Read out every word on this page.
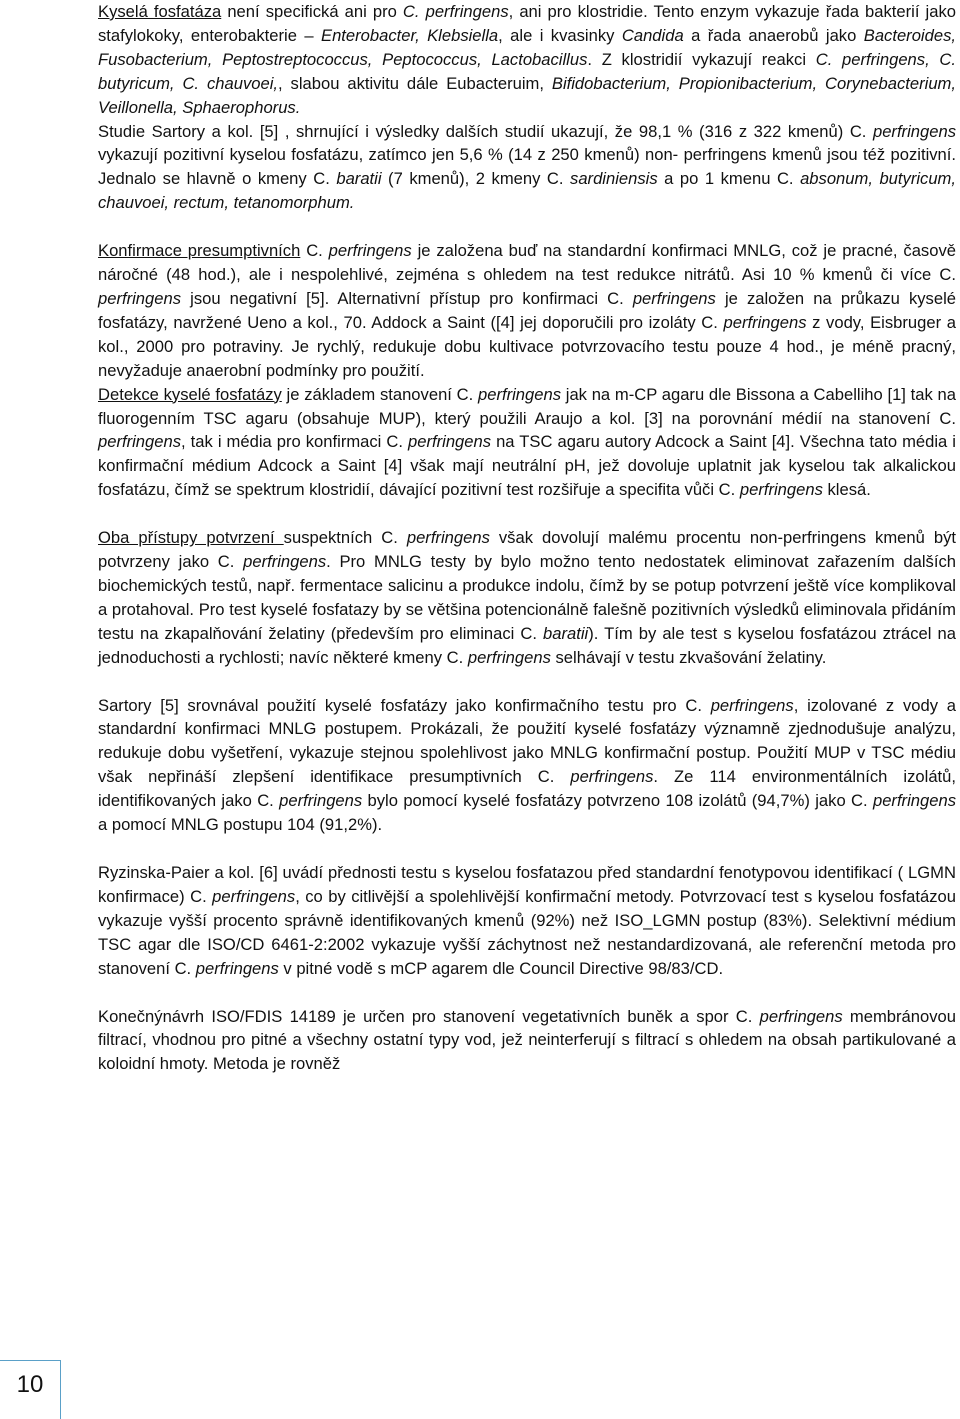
Kyselá fosfatáza není specifická ani pro C. perfringens, ani pro klostridie. Tento enzym vykazuje řada bakterií jako stafylokoky, enterobakterie – Enterobacter, Klebsiella, ale i kvasinky Candida a řada anaerobů jako Bacteroides, Fusobacterium, Peptostreptococcus, Peptococcus, Lactobacillus. Z klostridií vykazují reakci C. perfringens, C. butyricum, C. chauvoei,, slabou aktivitu dále Eubacteruim, Bifidobacterium, Propionibacterium, Corynebacterium, Veillonella, Sphaerophorus.

Studie Sartory a kol. [5] , shrnující i výsledky dalších studií ukazují, že 98,1 % (316 z 322 kmenů) C. perfringens vykazují pozitivní kyselou fosfatázu, zatímco jen 5,6 % (14 z 250 kmenů) non- perfringens kmenů jsou též pozitivní. Jednalo se hlavně o kmeny C. baratii (7 kmenů), 2 kmeny C. sardiniensis a po 1 kmenu C. absonum, butyricum, chauvoei, rectum, tetanomorphum.

Konfirmace presumptivních C. perfringens je založena buď na standardní konfirmaci MNLG, což je pracné, časově náročné (48 hod.), ale i nespolehlivé, zejména s ohledem na test redukce nitrátů. Asi 10 % kmenů či více C. perfringens jsou negativní [5]. Alternativní přístup pro konfirmaci C. perfringens je založen na průkazu kyselé fosfatázy, navržené Ueno a kol., 70. Addock a Saint ([4] jej doporučili pro izoláty C. perfringens z vody, Eisbruger a kol., 2000 pro potraviny. Je rychlý, redukuje dobu kultivace potvrzovacího testu pouze 4 hod., je méně pracný, nevyžaduje anaerobní podmínky pro použití.

Detekce kyselé fosfatázy je základem stanovení C. perfringens jak na m-CP agaru dle Bissona a Cabelliho [1] tak na fluorogenním TSC agaru (obsahuje MUP), který použili Araujo a kol. [3] na porovnání médií na stanovení C. perfringens, tak i média pro konfirmaci C. perfringens na TSC agaru autory Adcock a Saint [4]. Všechna tato média i konfirmační médium Adcock a Saint [4] však mají neutrální pH, jež dovoluje uplatnit jak kyselou tak alkalickou fosfatázu, čímž se spektrum klostridií, dávající pozitivní test rozšiřuje a specifita vůči C. perfringens klesá.

Oba přístupy potvrzení suspektních C. perfringens však dovolují malému procentu non-perfringens kmenů být potvrzeny jako C. perfringens. Pro MNLG testy by bylo možno tento nedostatek eliminovat zařazením dalších biochemických testů, např. fermentace salicinu a produkce indolu, čímž by se potup potvrzení ještě více komplikoval a protahoval. Pro test kyselé fosfatazy by se většina potencionálně falešně pozitivních výsledků eliminovala přidáním testu na zkapalňování želatiny (především pro eliminaci C. baratii). Tím by ale test s kyselou fosfatázou ztrácel na jednoduchosti a rychlosti; navíc některé kmeny C. perfringens selhávají v testu zkvašování želatiny.

Sartory [5] srovnával použití kyselé fosfatázy jako konfirmačního testu pro C. perfringens, izolované z vody a standardní konfirmaci MNLG postupem. Prokázali, že použití kyselé fosfatázy významně zjednodušuje analýzu, redukuje dobu vyšetření, vykazuje stejnou spolehlivost jako MNLG konfirmační postup. Použití MUP v TSC médiu však nepřináší zlepšení identifikace presumptivních C. perfringens. Ze 114 environmentálních izolátů, identifikovaných jako C. perfringens bylo pomocí kyselé fosfatázy potvrzeno 108 izolátů (94,7%) jako C. perfringens a pomocí MNLG postupu 104 (91,2%).

Ryzinska-Paier a kol. [6] uvádí přednosti testu s kyselou fosfatazou před standardní fenotypovou identifikací ( LGMN konfirmace) C. perfringens, co by citlivější a spolehlivější konfirmační metody. Potvrzovací test s kyselou fosfatázou vykazuje vyšší procento správně identifikovaných kmenů (92%) než ISO_LGMN postup (83%). Selektivní médium TSC agar dle ISO/CD 6461-2:2002 vykazuje vyšší záchytnost než nestandardizovaná, ale referenční metoda pro stanovení C. perfringens v pitné vodě s mCP agarem dle Council Directive 98/83/CD.

Konečnýnávrh ISO/FDIS 14189 je určen pro stanovení vegetativních buněk a spor C. perfringens membránovou filtrací, vhodnou pro pitné a všechny ostatní typy vod, jež neinterferují s filtrací s ohledem na obsah partikulované a koloidní hmoty. Metoda je rovněž

10
